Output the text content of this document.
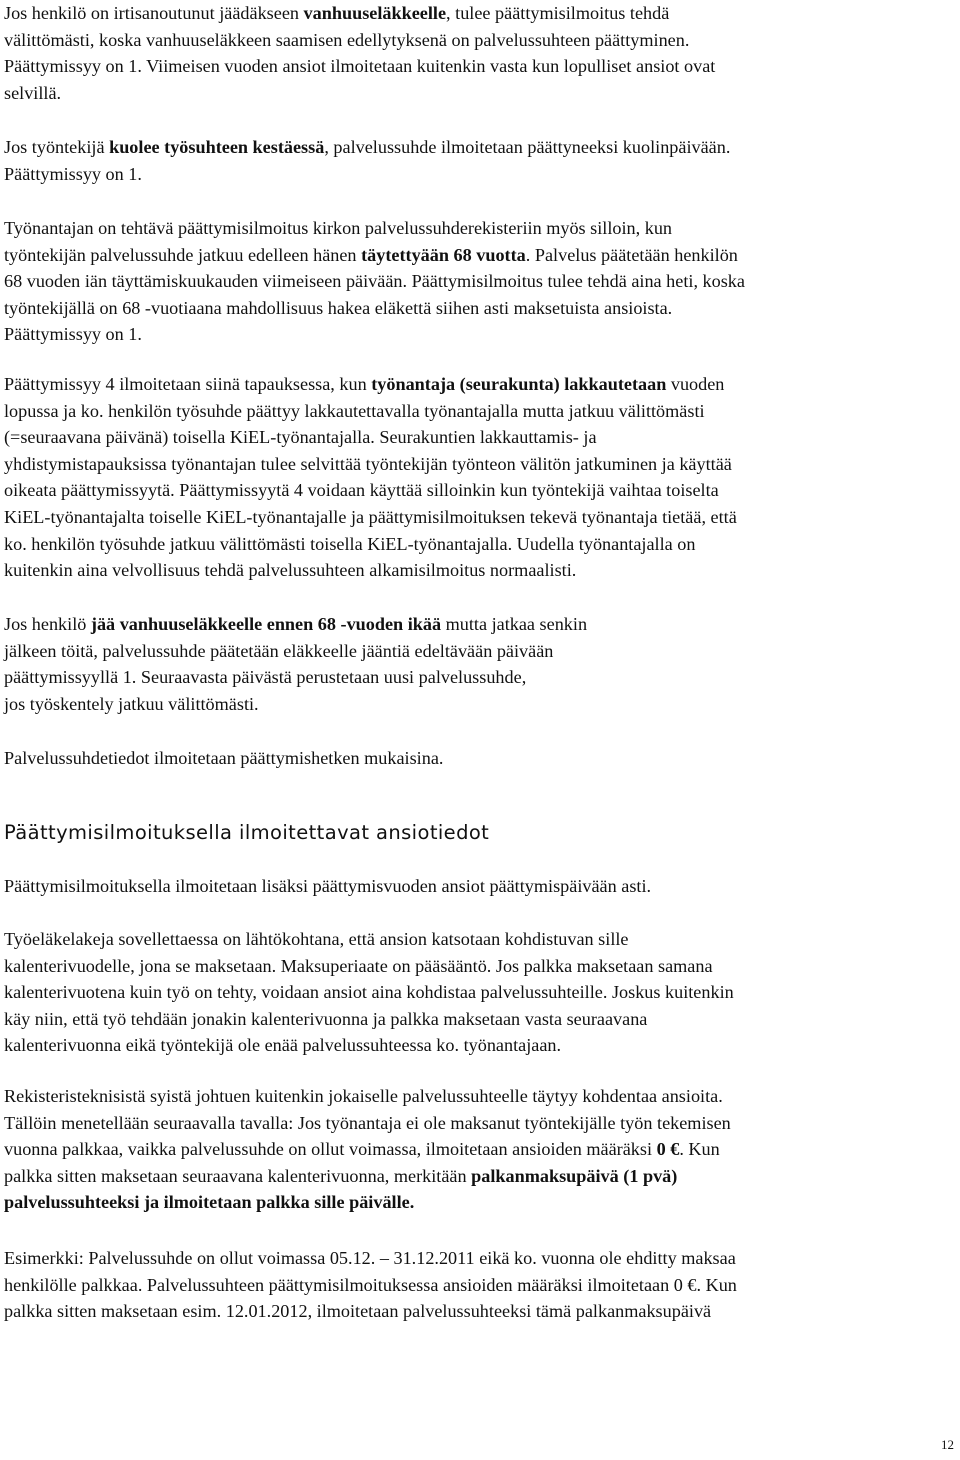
Jos henkilö on irtisanoutunut jäädäkseen vanhuuseläkkeelle, tulee päättymisilmoitus tehdä
välittömästi, koska vanhuuseläkkeen saamisen edellytyksenä on palvelussuhteen päättyminen.
Päättymissyy on 1. Viimeisen vuoden ansiot ilmoitetaan kuitenkin vasta kun lopulliset ansiot ovat
selvillä.
Jos työntekijä kuolee työsuhteen kestäessä, palvelussuhde ilmoitetaan päättyneeksi kuolinpäivään.
Päättymissyy on 1.
Työnantajan on tehtävä päättymisilmoitus kirkon palvelussuhderekisteriin myös silloin, kun
työntekijän palvelussuhde jatkuu edelleen hänen täytettyään 68 vuotta. Palvelus päätetään henkilön
68 vuoden iän täyttämiskuukauden viimeiseen päivään. Päättymisilmoitus tulee tehdä aina heti, koska
työntekijällä on 68 -vuotiaana mahdollisuus hakea eläkettä siihen asti maksetuista ansioista.
Päättymissyy on 1.
Päättymissyy 4 ilmoitetaan siinä tapauksessa, kun työnantaja (seurakunta) lakkautetaan vuoden
lopussa ja ko. henkilön työsuhde päättyy lakkautettavalla työnantajalla mutta jatkuu välittömästi
(=seuraavana päivänä) toisella KiEL-työnantajalla. Seurakuntien lakkauttamis- ja
yhdistymistapauksissa työnantajan tulee selvittää työntekijän työnteon välitön jatkuminen ja käyttää
oikeata päättymissyytä. Päättymissyytä 4 voidaan käyttää silloinkin kun työntekijä vaihtaa toiselta
KiEL-työnantajalta toiselle KiEL-työnantajalle ja päättymisilmoituksen tekevä työnantaja tietää, että
ko. henkilön työsuhde jatkuu välittömästi toisella KiEL-työnantajalla. Uudella työnantajalla on
kuitenkin aina velvollisuus tehdä palvelussuhteen alkamisilmoitus normaalisti.
Jos henkilö jää vanhuuseläkkeelle ennen 68 -vuoden ikää mutta jatkaa senkin
jälkeen töitä, palvelussuhde päätetään eläkkeelle jääntiä edeltävään päivään
päättymissyyllä 1. Seuraavasta päivästä perustetaan uusi palvelussuhde,
jos työskentely jatkuu välittömästi.
Palvelussuhdetiedot ilmoitetaan päättymishetken mukaisina.
Päättymisilmoituksella ilmoitettavat ansiotiedot
Päättymisilmoituksella ilmoitetaan lisäksi päättymisvuoden ansiot päättymispäivään asti.
Työeläkelakeja sovellettaessa on lähtökohtana, että ansion katsotaan kohdistuvan sille
kalenterivuodelle, jona se maksetaan. Maksuperiaate on pääsääntö. Jos palkka maksetaan samana
kalenterivuotena kuin työ on tehty, voidaan ansiot aina kohdistaa palvelussuhteille. Joskus kuitenkin
käy niin, että työ tehdään jonakin kalenterivuonna ja palkka maksetaan vasta seuraavana
kalenterivuonna eikä työntekijä ole enää palvelussuhteessa ko. työnantajaan.
Rekisteristeknisistä syistä johtuen kuitenkin jokaiselle palvelussuhteelle täytyy kohdentaa ansioita.
Tällöin menetellään seuraavalla tavalla: Jos työnantaja ei ole maksanut työntekijälle työn tekemisen
vuonna palkkaa, vaikka palvelussuhde on ollut voimassa, ilmoitetaan ansioiden määräksi 0 €. Kun
palkka sitten maksetaan seuraavana kalenterivuonna, merkitään palkanmaksupäivä (1 pvä)
palvelussuhteeksi ja ilmoitetaan palkka sille päivälle.
Esimerkki: Palvelussuhde on ollut voimassa 05.12. – 31.12.2011 eikä ko. vuonna ole ehditty maksaa
henkilölle palkkaa. Palvelussuhteen päättymisilmoituksessa ansioiden määräksi ilmoitetaan 0 €. Kun
palkka sitten maksetaan esim. 12.01.2012, ilmoitetaan palvelussuhteeksi tämä palkanmaksupäivä
12
